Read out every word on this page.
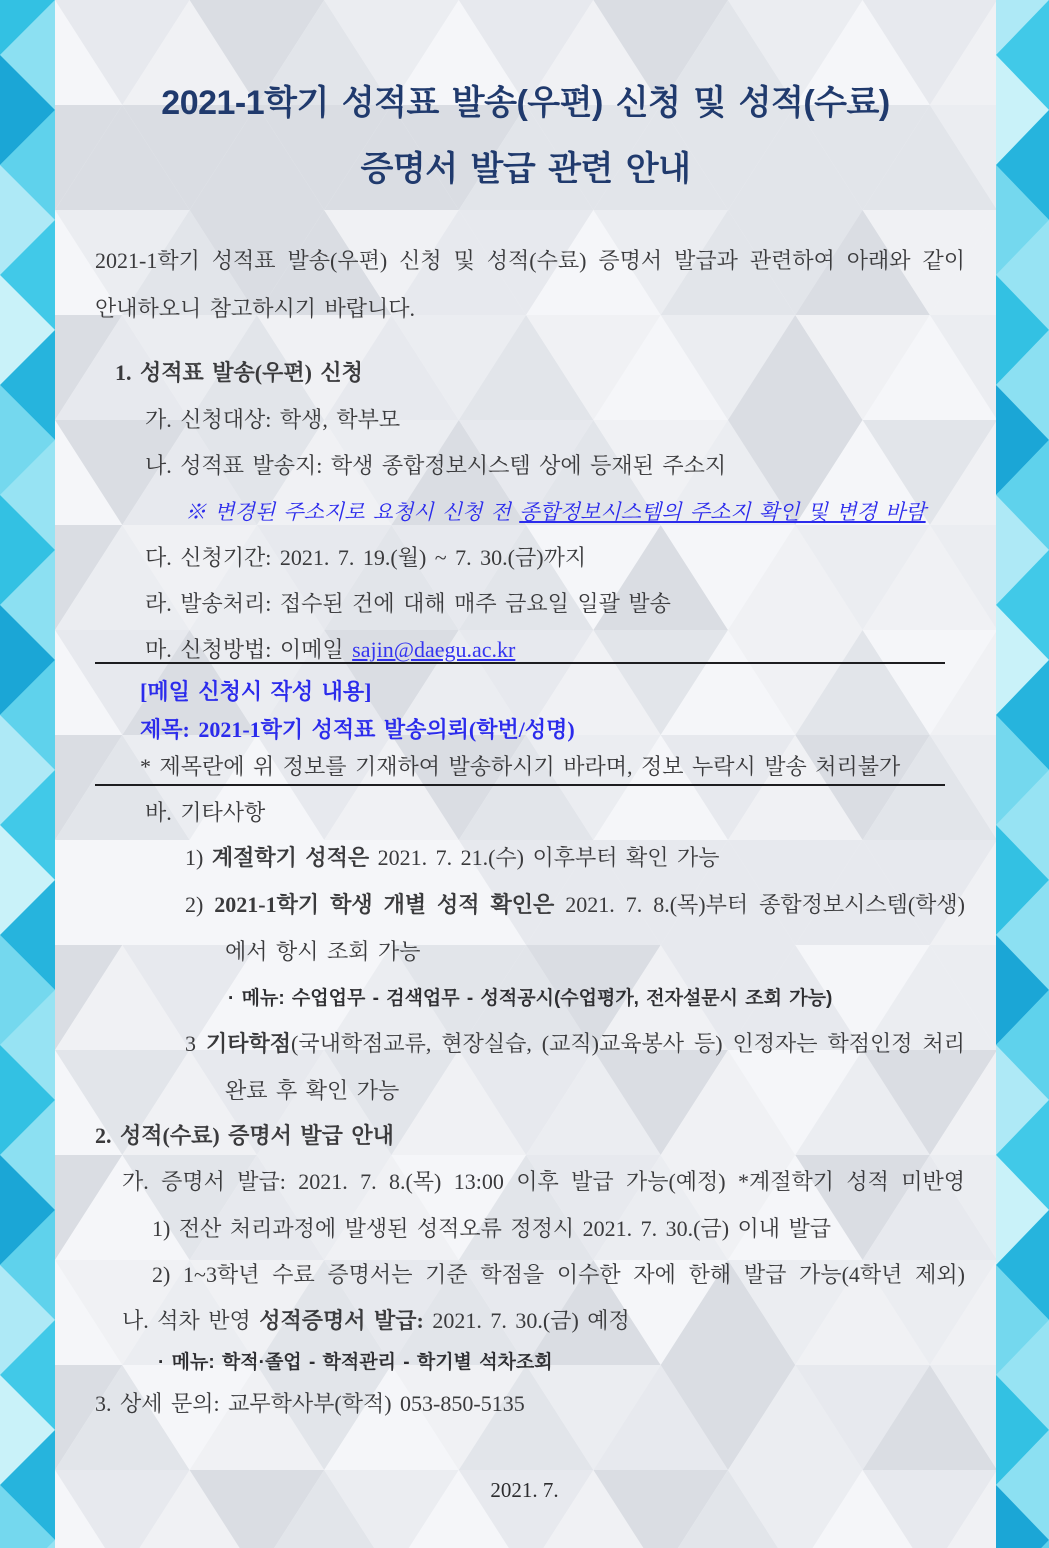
2021-1학기 성적표 발송(우편) 신청 및 성적(수료)
증명서 발급 관련 안내
2021-1학기 성적표 발송(우편) 신청 및 성적(수료) 증명서 발급과 관련하여 아래와 같이
안내하오니 참고하시기 바랍니다.
1. 성적표 발송(우편) 신청
가. 신청대상: 학생, 학부모
나. 성적표 발송지: 학생 종합정보시스템 상에 등재된 주소지
※ 변경된 주소지로 요청시 신청 전 종합정보시스템의 주소지 확인 및 변경 바람
다. 신청기간: 2021. 7. 19.(월) ~ 7. 30.(금)까지
라. 발송처리: 접수된 건에 대해 매주 금요일 일괄 발송
마. 신청방법: 이메일 sajin@daegu.ac.kr
[메일 신청시 작성 내용]
제목: 2021-1학기 성적표 발송의뢰(학번/성명)
* 제목란에 위 정보를 기재하여 발송하시기 바라며, 정보 누락시 발송 처리불가
바. 기타사항
1) 계절학기 성적은 2021. 7. 21.(수) 이후부터 확인 가능
2) 2021-1학기 학생 개별 성적 확인은 2021. 7. 8.(목)부터 종합정보시스템(학생)
에서 항시 조회 가능
· 메뉴: 수업업무 - 검색업무 - 성적공시(수업평가, 전자설문시 조회 가능)
3 기타학점(국내학점교류, 현장실습, (교직)교육봉사 등) 인정자는 학점인정 처리
완료 후 확인 가능
2. 성적(수료) 증명서 발급 안내
가. 증명서 발급: 2021. 7. 8.(목) 13:00 이후 발급 가능(예정) *계절학기 성적 미반영
1) 전산 처리과정에 발생된 성적오류 정정시 2021. 7. 30.(금) 이내 발급
2) 1~3학년 수료 증명서는 기준 학점을 이수한 자에 한해 발급 가능(4학년 제외)
나. 석차 반영 성적증명서 발급: 2021. 7. 30.(금) 예정
· 메뉴: 학적·졸업 - 학적관리 - 학기별 석차조회
3. 상세 문의: 교무학사부(학적) 053-850-5135
2021. 7.
